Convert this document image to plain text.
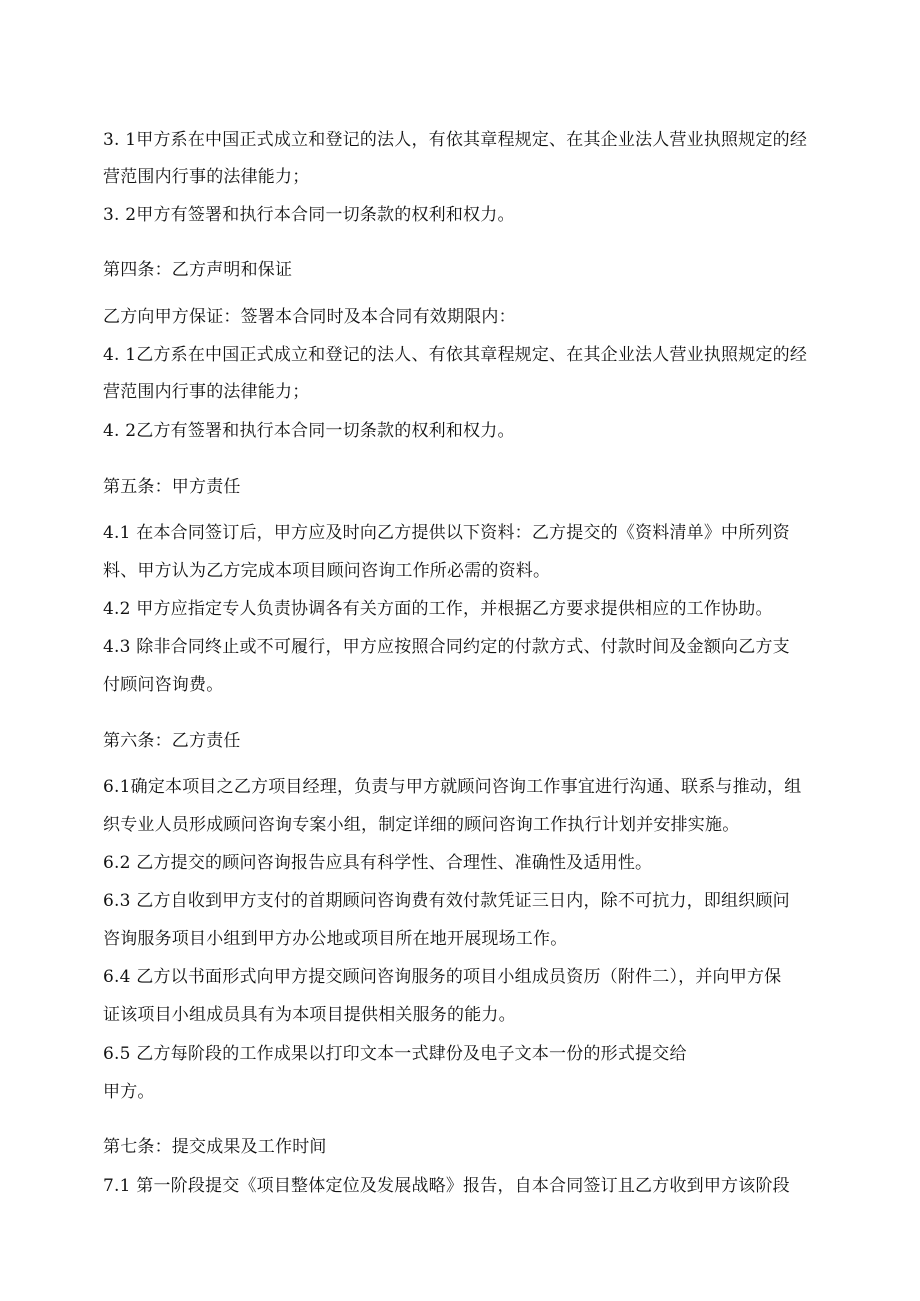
3. 1甲方系在中国正式成立和登记的法人，有依其章程规定、在其企业法人营业执照规定的经
营范围内行事的法律能力；
3. 2甲方有签署和执行本合同一切条款的权利和权力。
第四条：乙方声明和保证
乙方向甲方保证：签署本合同时及本合同有效期限内：
4. 1乙方系在中国正式成立和登记的法人、有依其章程规定、在其企业法人营业执照规定的经
营范围内行事的法律能力；
4. 2乙方有签署和执行本合同一切条款的权利和权力。
第五条：甲方责任
4.1 在本合同签订后，甲方应及时向乙方提供以下资料：乙方提交的《资料清单》中所列资
料、甲方认为乙方完成本项目顾问咨询工作所必需的资料。
4.2 甲方应指定专人负责协调各有关方面的工作，并根据乙方要求提供相应的工作协助。
4.3 除非合同终止或不可履行，甲方应按照合同约定的付款方式、付款时间及金额向乙方支
付顾问咨询费。
第六条：乙方责任
6.1确定本项目之乙方项目经理，负责与甲方就顾问咨询工作事宜进行沟通、联系与推动，组
织专业人员形成顾问咨询专案小组，制定详细的顾问咨询工作执行计划并安排实施。
6.2 乙方提交的顾问咨询报告应具有科学性、合理性、准确性及适用性。
6.3 乙方自收到甲方支付的首期顾问咨询费有效付款凭证三日内，除不可抗力，即组织顾问
咨询服务项目小组到甲方办公地或项目所在地开展现场工作。
6.4 乙方以书面形式向甲方提交顾问咨询服务的项目小组成员资历（附件二），并向甲方保
证该项目小组成员具有为本项目提供相关服务的能力。
6.5 乙方每阶段的工作成果以打印文本一式肆份及电子文本一份的形式提交给
甲方。
第七条：提交成果及工作时间
7.1 第一阶段提交《项目整体定位及发展战略》报告，自本合同签订且乙方收到甲方该阶段
